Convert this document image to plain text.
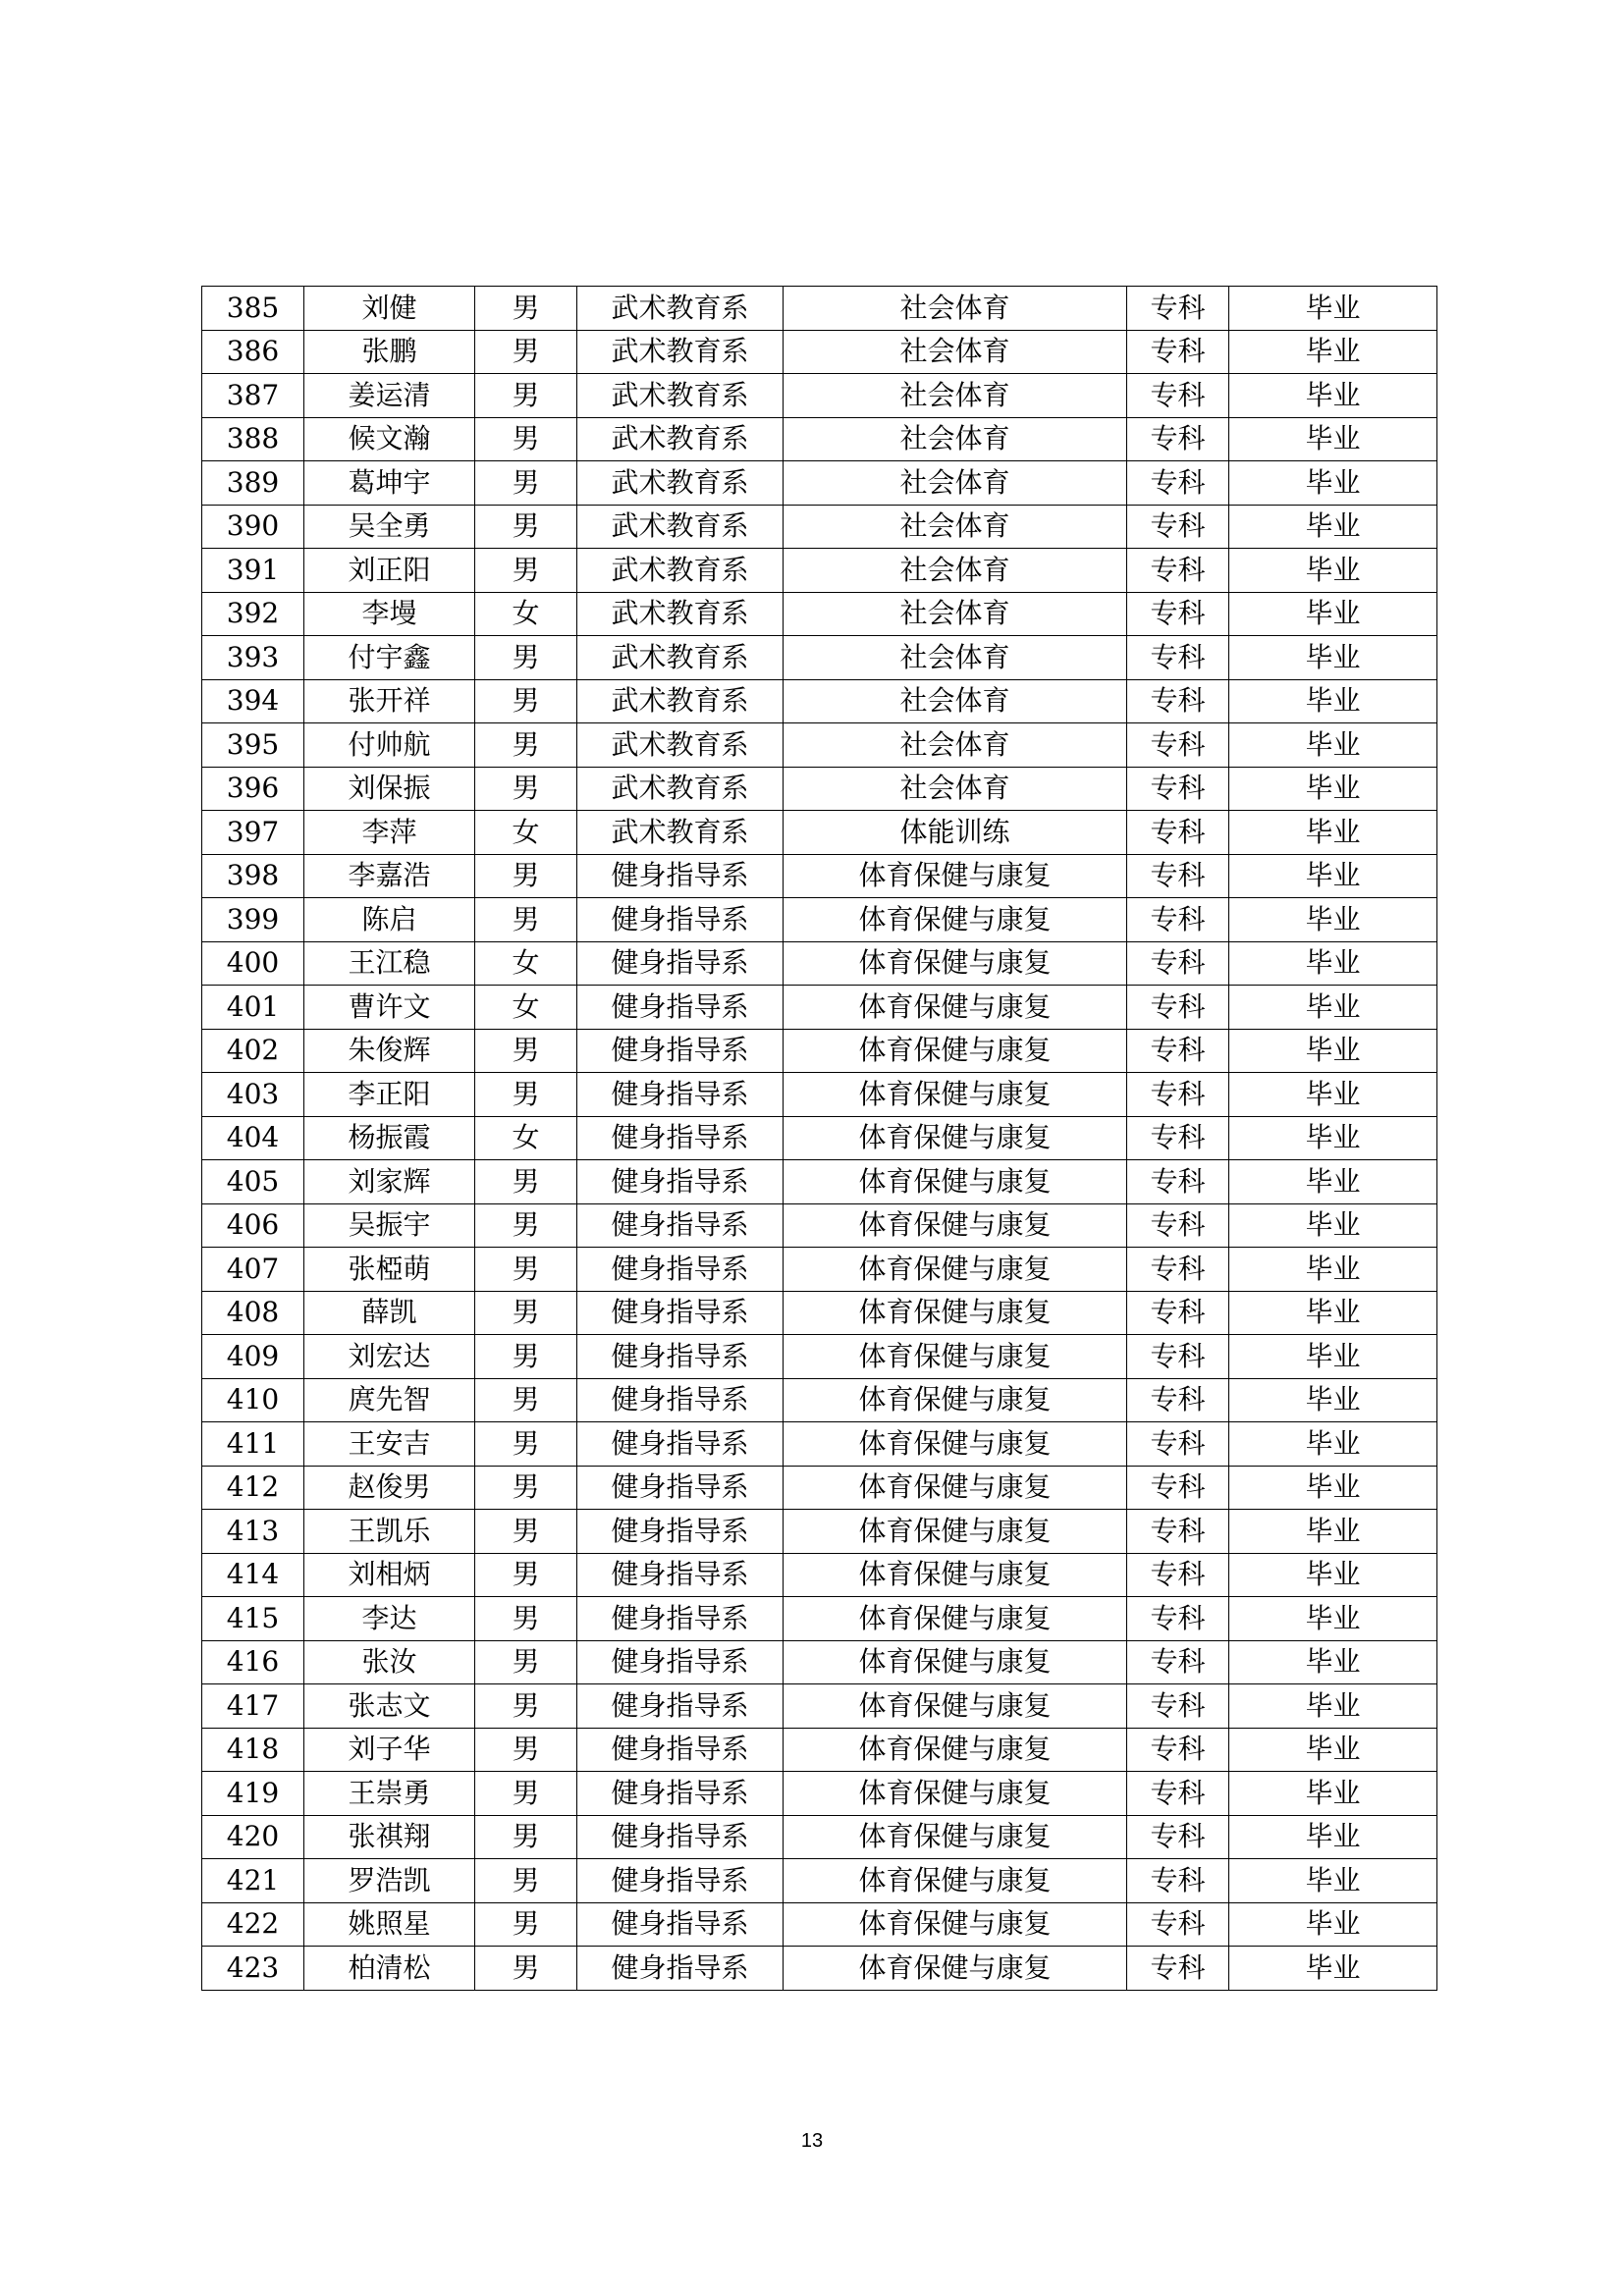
385	刘健	男	武术教育系	社会体育	专科	毕业
386	张鹏	男	武术教育系	社会体育	专科	毕业
387	姜运清	男	武术教育系	社会体育	专科	毕业
388	候文瀚	男	武术教育系	社会体育	专科	毕业
389	葛坤宇	男	武术教育系	社会体育	专科	毕业
390	吴全勇	男	武术教育系	社会体育	专科	毕业
391	刘正阳	男	武术教育系	社会体育	专科	毕业
392	李墁	女	武术教育系	社会体育	专科	毕业
393	付宇鑫	男	武术教育系	社会体育	专科	毕业
394	张开祥	男	武术教育系	社会体育	专科	毕业
395	付帅航	男	武术教育系	社会体育	专科	毕业
396	刘保振	男	武术教育系	社会体育	专科	毕业
397	李萍	女	武术教育系	体能训练	专科	毕业
398	李嘉浩	男	健身指导系	体育保健与康复	专科	毕业
399	陈启	男	健身指导系	体育保健与康复	专科	毕业
400	王江稳	女	健身指导系	体育保健与康复	专科	毕业
401	曹许文	女	健身指导系	体育保健与康复	专科	毕业
402	朱俊辉	男	健身指导系	体育保健与康复	专科	毕业
403	李正阳	男	健身指导系	体育保健与康复	专科	毕业
404	杨振霞	女	健身指导系	体育保健与康复	专科	毕业
405	刘家辉	男	健身指导系	体育保健与康复	专科	毕业
406	吴振宇	男	健身指导系	体育保健与康复	专科	毕业
407	张椏萌	男	健身指导系	体育保健与康复	专科	毕业
408	薛凯	男	健身指导系	体育保健与康复	专科	毕业
409	刘宏达	男	健身指导系	体育保健与康复	专科	毕业
410	庹先智	男	健身指导系	体育保健与康复	专科	毕业
411	王安吉	男	健身指导系	体育保健与康复	专科	毕业
412	赵俊男	男	健身指导系	体育保健与康复	专科	毕业
413	王凯乐	男	健身指导系	体育保健与康复	专科	毕业
414	刘相炳	男	健身指导系	体育保健与康复	专科	毕业
415	李达	男	健身指导系	体育保健与康复	专科	毕业
416	张汝	男	健身指导系	体育保健与康复	专科	毕业
417	张志文	男	健身指导系	体育保健与康复	专科	毕业
418	刘子华	男	健身指导系	体育保健与康复	专科	毕业
419	王崇勇	男	健身指导系	体育保健与康复	专科	毕业
420	张祺翔	男	健身指导系	体育保健与康复	专科	毕业
421	罗浩凯	男	健身指导系	体育保健与康复	专科	毕业
422	姚照星	男	健身指导系	体育保健与康复	专科	毕业
423	柏清松	男	健身指导系	体育保健与康复	专科	毕业
13
